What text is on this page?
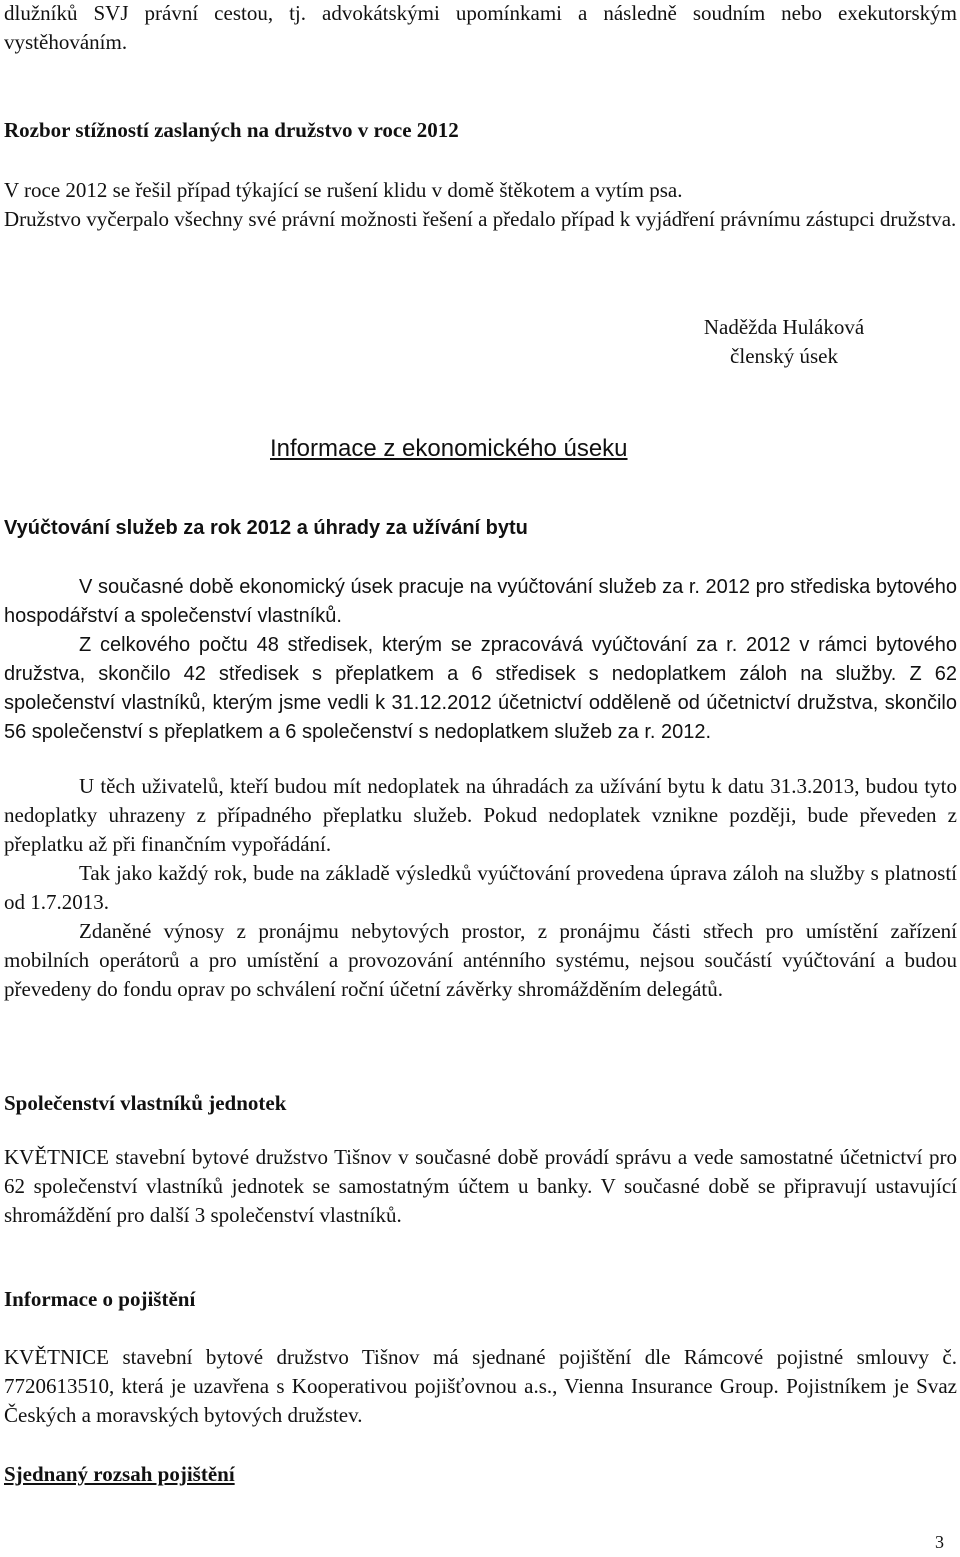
dlužníků SVJ právní cestou, tj. advokátskými upomínkami a následně soudním nebo exekutorským vystěhováním.

Rozbor stížností zaslaných na družstvo v roce 2012

V roce 2012 se řešil případ týkající se rušení klidu v domě štěkotem a vytím psa.

Družstvo vyčerpalo všechny své právní možnosti řešení a předalo případ k vyjádření právnímu zástupci družstva.

Naděžda Huláková
členský úsek
Informace z ekonomického úseku

Vyúčtování služeb za rok 2012 a úhrady za užívání bytu

V současné době ekonomický úsek pracuje na vyúčtování služeb za r. 2012 pro střediska bytového hospodářství a společenství vlastníků.

Z celkového počtu 48 středisek, kterým se zpracovává vyúčtování za r. 2012 v rámci bytového družstva, skončilo 42 středisek s přeplatkem a 6 středisek s nedoplatkem záloh na služby. Z 62 společenství vlastníků, kterým jsme vedli k 31.12.2012 účetnictví odděleně od účetnictví družstva, skončilo 56 společenství s přeplatkem a 6 společenství s nedoplatkem služeb za r. 2012.

U těch uživatelů, kteří budou mít nedoplatek na úhradách za užívání bytu k datu 31.3.2013, budou tyto nedoplatky uhrazeny z případného přeplatku služeb. Pokud nedoplatek vznikne později, bude převeden z přeplatku až při finančním vypořádání.

Tak jako každý rok, bude na základě výsledků vyúčtování provedena úprava záloh na služby s platností od 1.7.2013.

Zdaněné výnosy z pronájmu nebytových prostor, z pronájmu části střech pro umístění zařízení mobilních operátorů a pro umístění a provozování anténního systému, nejsou součástí vyúčtování a budou převedeny do fondu oprav po schválení roční účetní závěrky shromážděním delegátů.

Společenství vlastníků jednotek

KVĚTNICE stavební bytové družstvo Tišnov v současné době provádí správu a vede samostatné účetnictví pro 62 společenství vlastníků jednotek se samostatným účtem u banky. V současné době se připravují ustavující shromáždění pro další 3 společenství vlastníků.

Informace o pojištění

KVĚTNICE stavební bytové družstvo Tišnov má sjednané pojištění dle Rámcové pojistné smlouvy č. 7720613510, která je uzavřena s Kooperativou pojišťovnou a.s., Vienna Insurance Group. Pojistníkem je Svaz Českých a moravských bytových družstev.

Sjednaný rozsah pojištění

3
